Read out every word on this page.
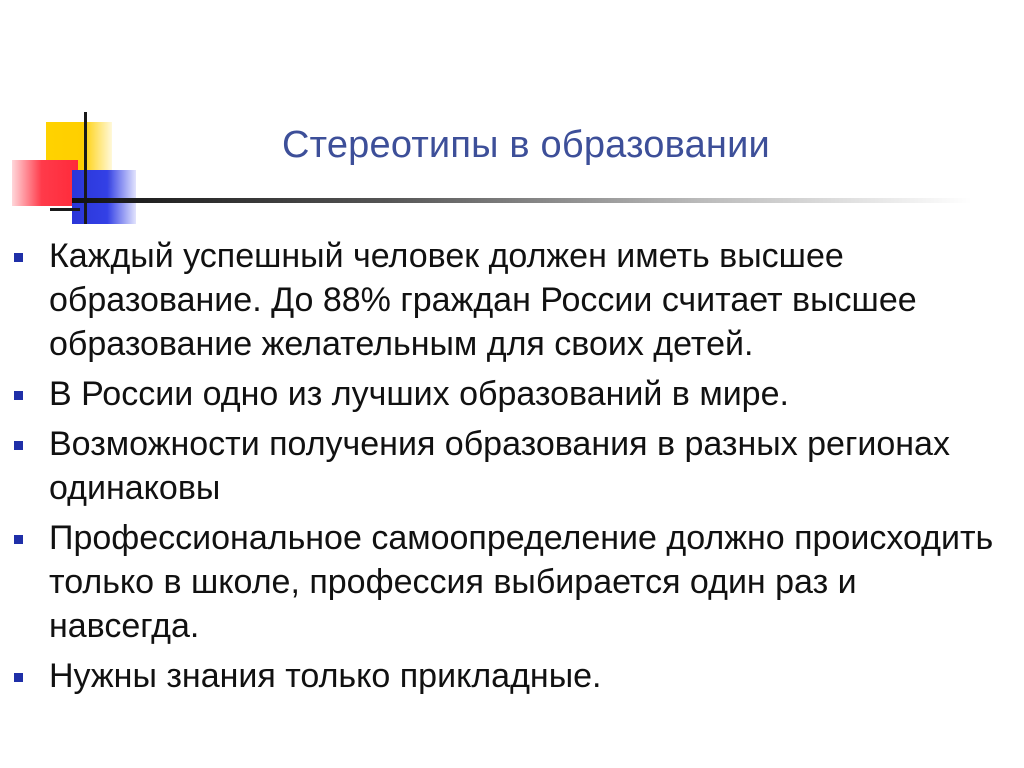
Стереотипы в образовании
Каждый успешный человек должен иметь высшее образование. До 88% граждан России считает высшее образование желательным для своих детей.
В России одно из лучших образований в мире.
Возможности получения образования в разных регионах одинаковы
Профессиональное самоопределение должно происходить только в школе, профессия выбирается один раз и навсегда.
Нужны знания только прикладные.
